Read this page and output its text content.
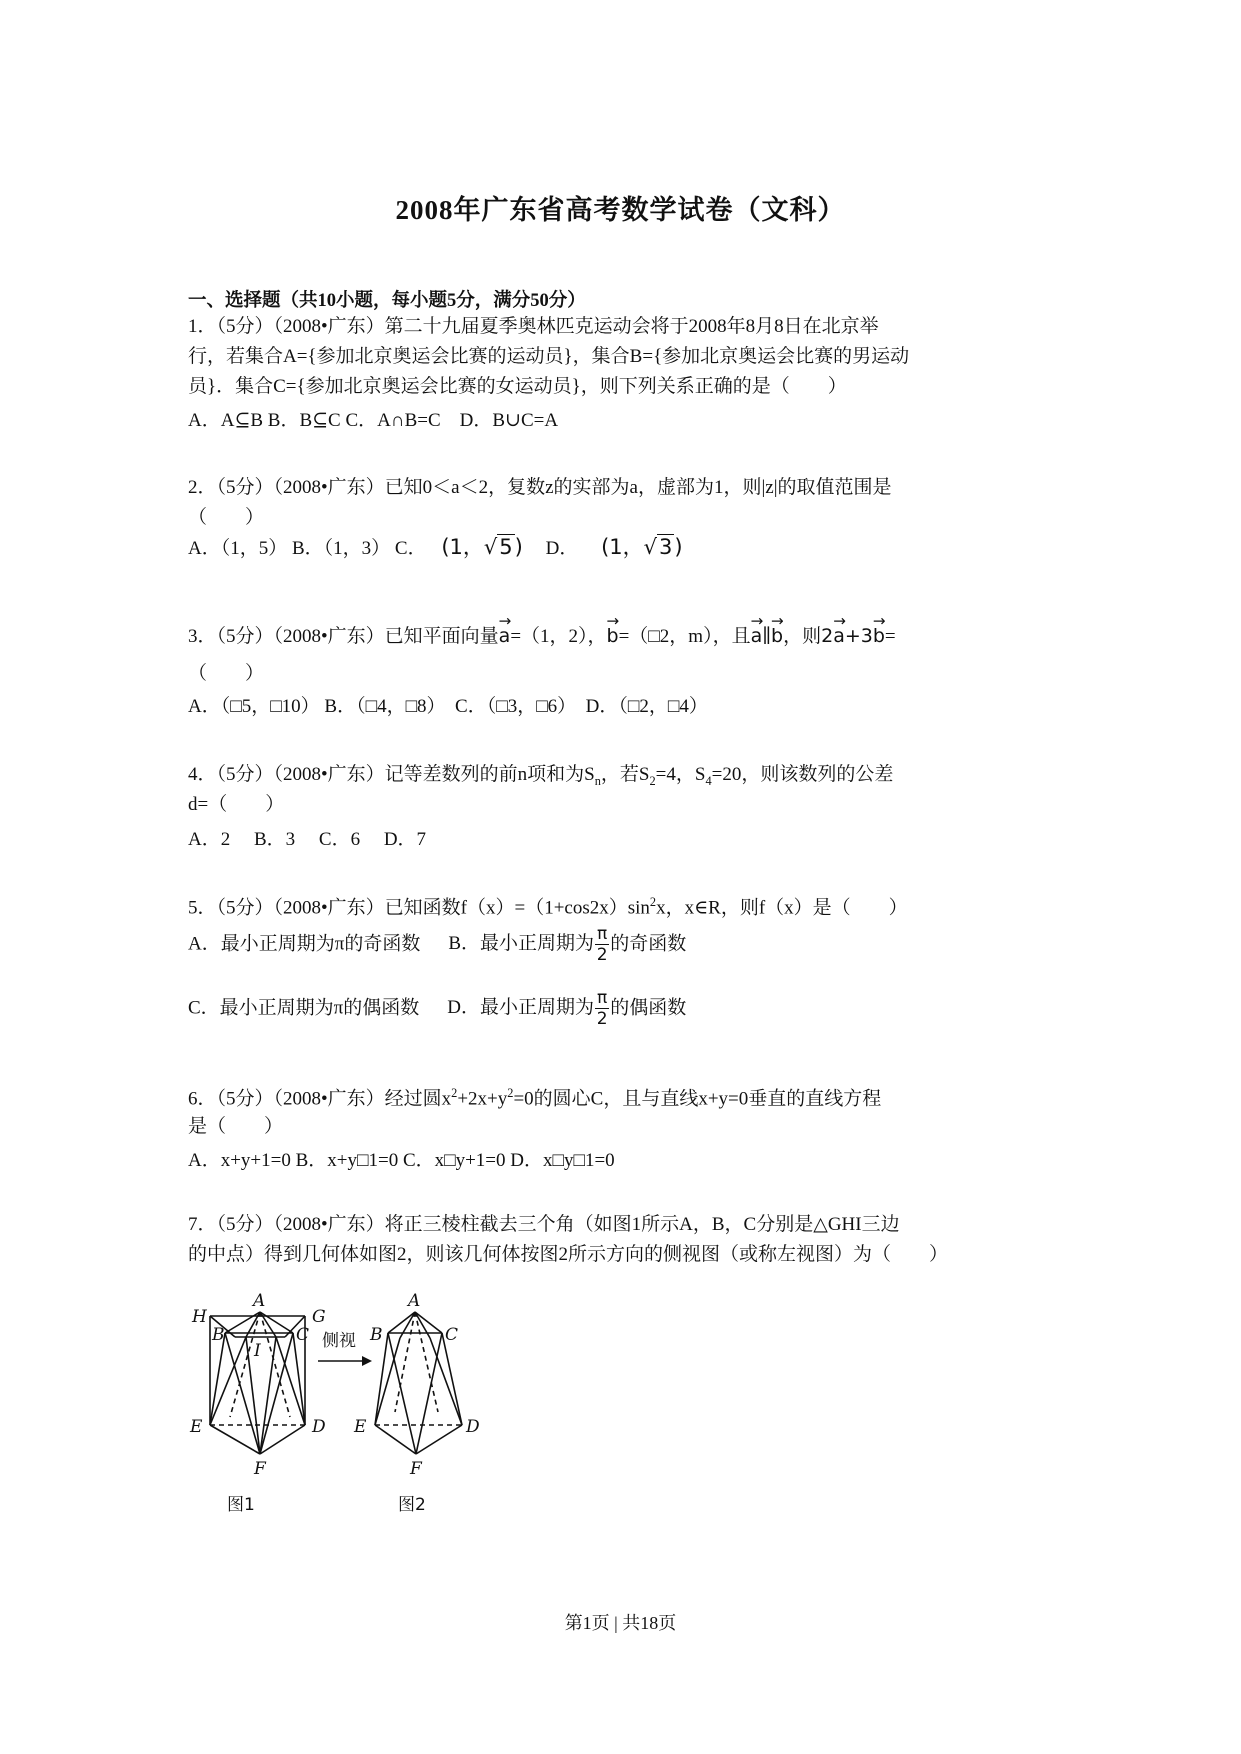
2008年广东省高考数学试卷（文科）
一、选择题（共10小题，每小题5分，满分50分）
1．（5分）（2008•广东）第二十九届夏季奥林匹克运动会将于2008年8月8日在北京举
行，若集合A={参加北京奥运会比赛的运动员}，集合B={参加北京奥运会比赛的男运动
员}．集合C={参加北京奥运会比赛的女运动员}，则下列关系正确的是（　　）
A．A⊆B B．B⊆C C．A∩B=C　D．B∪C=A
2．（5分）（2008•广东）已知0＜a＜2，复数z的实部为a，虚部为1，则|z|的取值范围是
（　　）
A．（1，5） B．（1，3） C． (1，√5) D． (1，√3)
3．（5分）（2008•广东）已知平面向量→ a=（1，2），→ b=（□2，m），且→ a∥→ b，则2→ a+3→ b=
（　　）
A．（□5，□10） B．（□4，□8）　C．（□3，□6）　D．（□2，□4）
4．（5分）（2008•广东）记等差数列的前n项和为$S_n$，若$S_2=4$，$S_4=20$，则该数列的公差
d=（　　）
A．2　 B．3　 C．6　 D．7
5．（5分）（2008•广东）已知函数$f(x)=(1+\cos 2x)\sin^2x$，x∈R，则f（x）是（　　）
A．最小正周期为π的奇函数 B．最小正周期为 $\frac{\pi}{2}$ 的奇函数
C．最小正周期为π的偶函数 D．最小正周期为 $\frac{\pi}{2}$ 的偶函数
6．（5分）（2008•广东）经过圆$x^2+2x+y^2=0$的圆心C，且与直线x+y=0垂直的直线方程
是（　　）
A．x+y+1=0 B．x+y□1=0 C．x□y+1=0 D．x□y□1=0
7．（5分）（2008•广东）将正三棱柱截去三个角（如图1所示A，B，C分别是△GHI三边
的中点）得到几何体如图2，则该几何体按图2所示方向的侧视图（或称左视图）为（　　）
H
A
G
B	C
I
E	D
F
侧视
A
B	C
E	D
F
图1	图2
第1页 | 共18页
